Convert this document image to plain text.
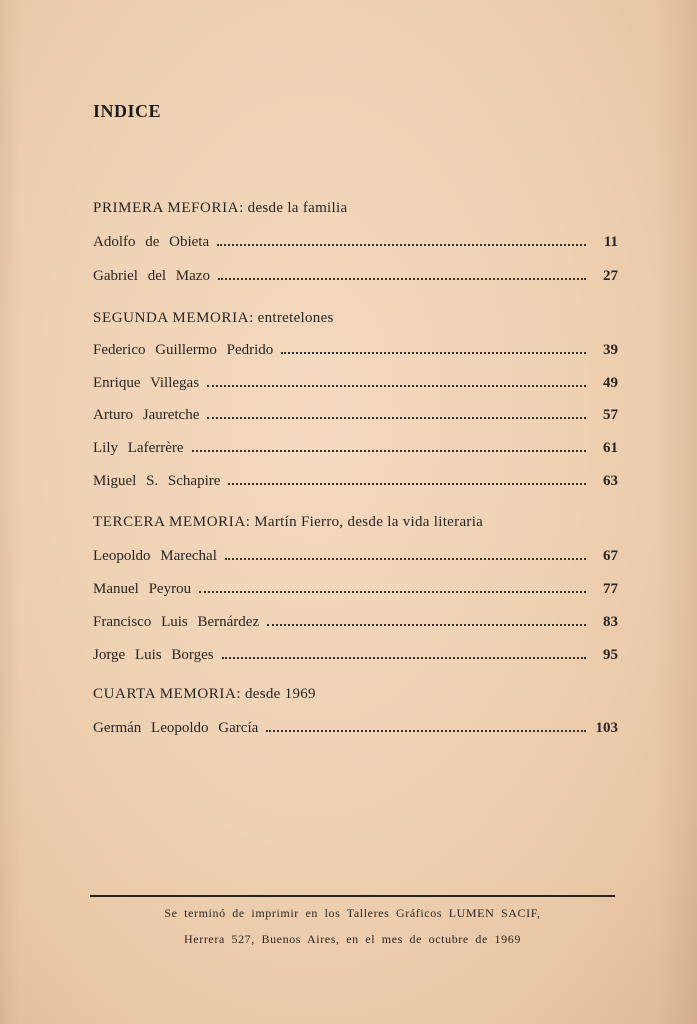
INDICE
PRIMERA MEFORIA: desde la familia
Adolfo de Obieta	11
Gabriel del Mazo	27
SEGUNDA MEMORIA: entretelones
Federico Guillermo Pedrido	39
Enrique Villegas	49
Arturo Jauretche	57
Lily Laferrère	61
Miguel S. Schapire	63
TERCERA MEMORIA: Martín Fierro, desde la vida literaria
Leopoldo Marechal	67
Manuel Peyrou	77
Francisco Luis Bernárdez	83
Jorge Luis Borges	95
CUARTA MEMORIA: desde 1969
Germán Leopoldo García	103
Se terminó de imprimir en los Talleres Gráficos LUMEN SACIF,
Herrera 527, Buenos Aires, en el mes de octubre de 1969
